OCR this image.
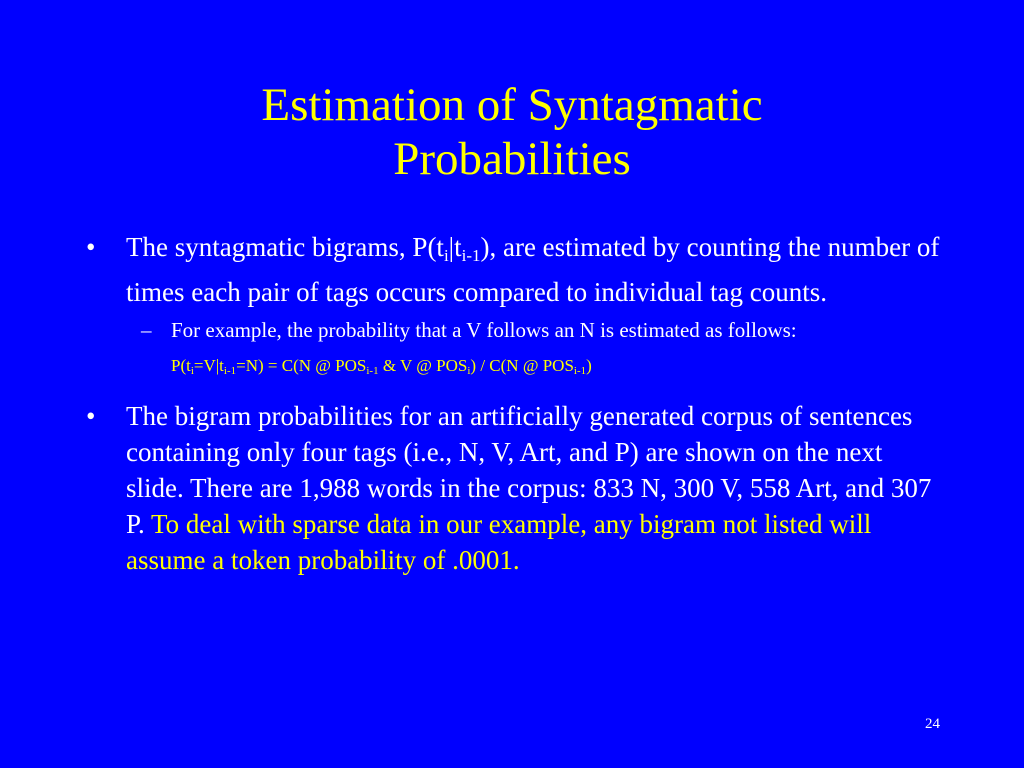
Estimation of Syntagmatic
Probabilities
• The syntagmatic bigrams, $P(t_i|t_{i-1})$, are estimated by counting the number of times each pair of tags occurs compared to individual tag counts.
– For example, the probability that a V follows an N is estimated as follows:
$P(t_i=V|t_{i-1}=N) = C(N$ @ $POS_{i-1}$ & V @ $POS_i) / C(N$ @ $POS_{i-1}$)
• The bigram probabilities for an artificially generated corpus of sentences containing only four tags (i.e., N, V, Art, and P) are shown on the next slide. There are 1,988 words in the corpus: 833 N, 300 V, 558 Art, and 307 P. To deal with sparse data in our example, any bigram not listed will assume a token probability of .0001.
24
